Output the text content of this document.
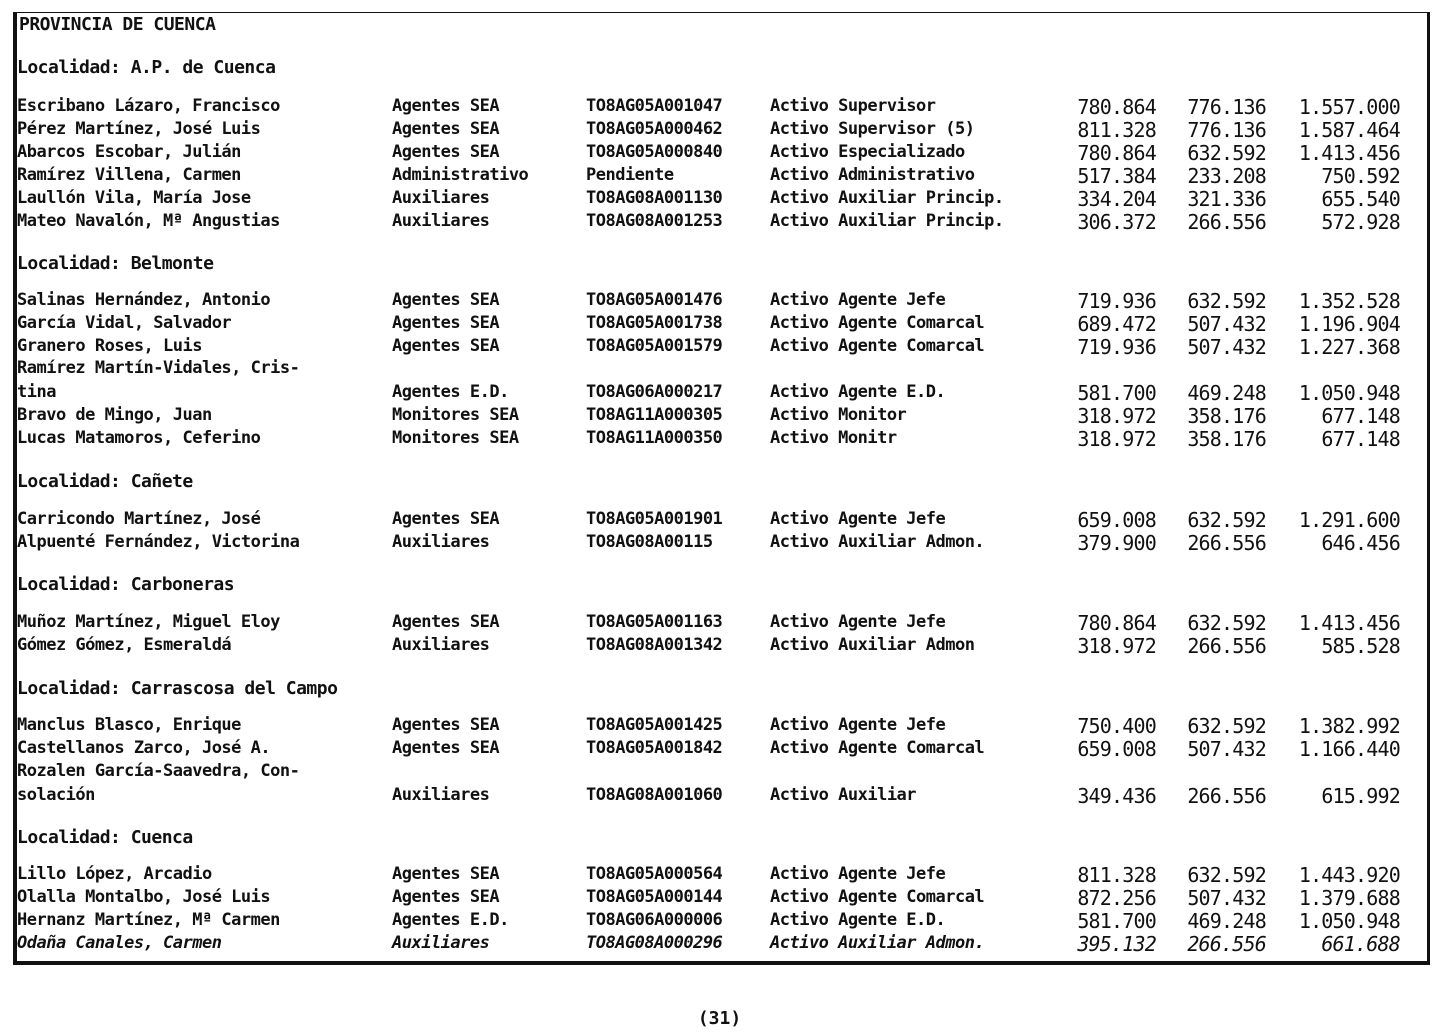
PROVINCIA DE CUENCA
Localidad: A.P. de Cuenca
Escribano Lázaro, Francisco	Agentes SEA	TO8AG05A001047	Activo Supervisor	780.864	776.136	1.557.000
Pérez Martínez, José Luis	Agentes SEA	TO8AG05A000462	Activo Supervisor (5)	811.328	776.136	1.587.464
Abarcos Escobar, Julián	Agentes SEA	TO8AG05A000840	Activo Especializado	780.864	632.592	1.413.456
Ramírez Villena, Carmen	Administrativo	Pendiente	Activo Administrativo	517.384	233.208	750.592
Laullón Vila, María Jose	Auxiliares	TO8AG08A001130	Activo Auxiliar Princip.	334.204	321.336	655.540
Mateo Navalón, Mª Angustias	Auxiliares	TO8AG08A001253	Activo Auxiliar Princip.	306.372	266.556	572.928
Localidad: Belmonte
Salinas Hernández, Antonio	Agentes SEA	TO8AG05A001476	Activo Agente Jefe	719.936	632.592	1.352.528
García Vidal, Salvador	Agentes SEA	TO8AG05A001738	Activo Agente Comarcal	689.472	507.432	1.196.904
Granero Roses, Luis	Agentes SEA	TO8AG05A001579	Activo Agente Comarcal	719.936	507.432	1.227.368
Ramírez Martín-Vidales, Cris-
tina	Agentes E.D.	TO8AG06A000217	Activo Agente E.D.	581.700	469.248	1.050.948
Bravo de Mingo, Juan	Monitores SEA	TO8AG11A000305	Activo Monitor	318.972	358.176	677.148
Lucas Matamoros, Ceferino	Monitores SEA	TO8AG11A000350	Activo Monitr	318.972	358.176	677.148
Localidad: Cañete
Carricondo Martínez, José	Agentes SEA	TO8AG05A001901	Activo Agente Jefe	659.008	632.592	1.291.600
Alpuenté Fernández, Victorina	Auxiliares	TO8AG08A00115	Activo Auxiliar Admon.	379.900	266.556	646.456
Localidad: Carboneras
Muñoz Martínez, Miguel Eloy	Agentes SEA	TO8AG05A001163	Activo Agente Jefe	780.864	632.592	1.413.456
Gómez Gómez, Esmeraldá	Auxiliares	TO8AG08A001342	Activo Auxiliar Admon	318.972	266.556	585.528
Localidad: Carrascosa del Campo
Manclus Blasco, Enrique	Agentes SEA	TO8AG05A001425	Activo Agente Jefe	750.400	632.592	1.382.992
Castellanos Zarco, José A.	Agentes SEA	TO8AG05A001842	Activo Agente Comarcal	659.008	507.432	1.166.440
Rozalen García-Saavedra, Con-
solación	Auxiliares	TO8AG08A001060	Activo Auxiliar	349.436	266.556	615.992
Localidad: Cuenca
Lillo López, Arcadio	Agentes SEA	TO8AG05A000564	Activo Agente Jefe	811.328	632.592	1.443.920
Olalla Montalbo, José Luis	Agentes SEA	TO8AG05A000144	Activo Agente Comarcal	872.256	507.432	1.379.688
Hernanz Martínez, Mª Carmen	Agentes E.D.	TO8AG06A000006	Activo Agente E.D.	581.700	469.248	1.050.948
Odaña Canales, Carmen	Auxiliares	TO8AG08A000296	Activo Auxiliar Admon.	395.132	266.556	661.688
(31)
